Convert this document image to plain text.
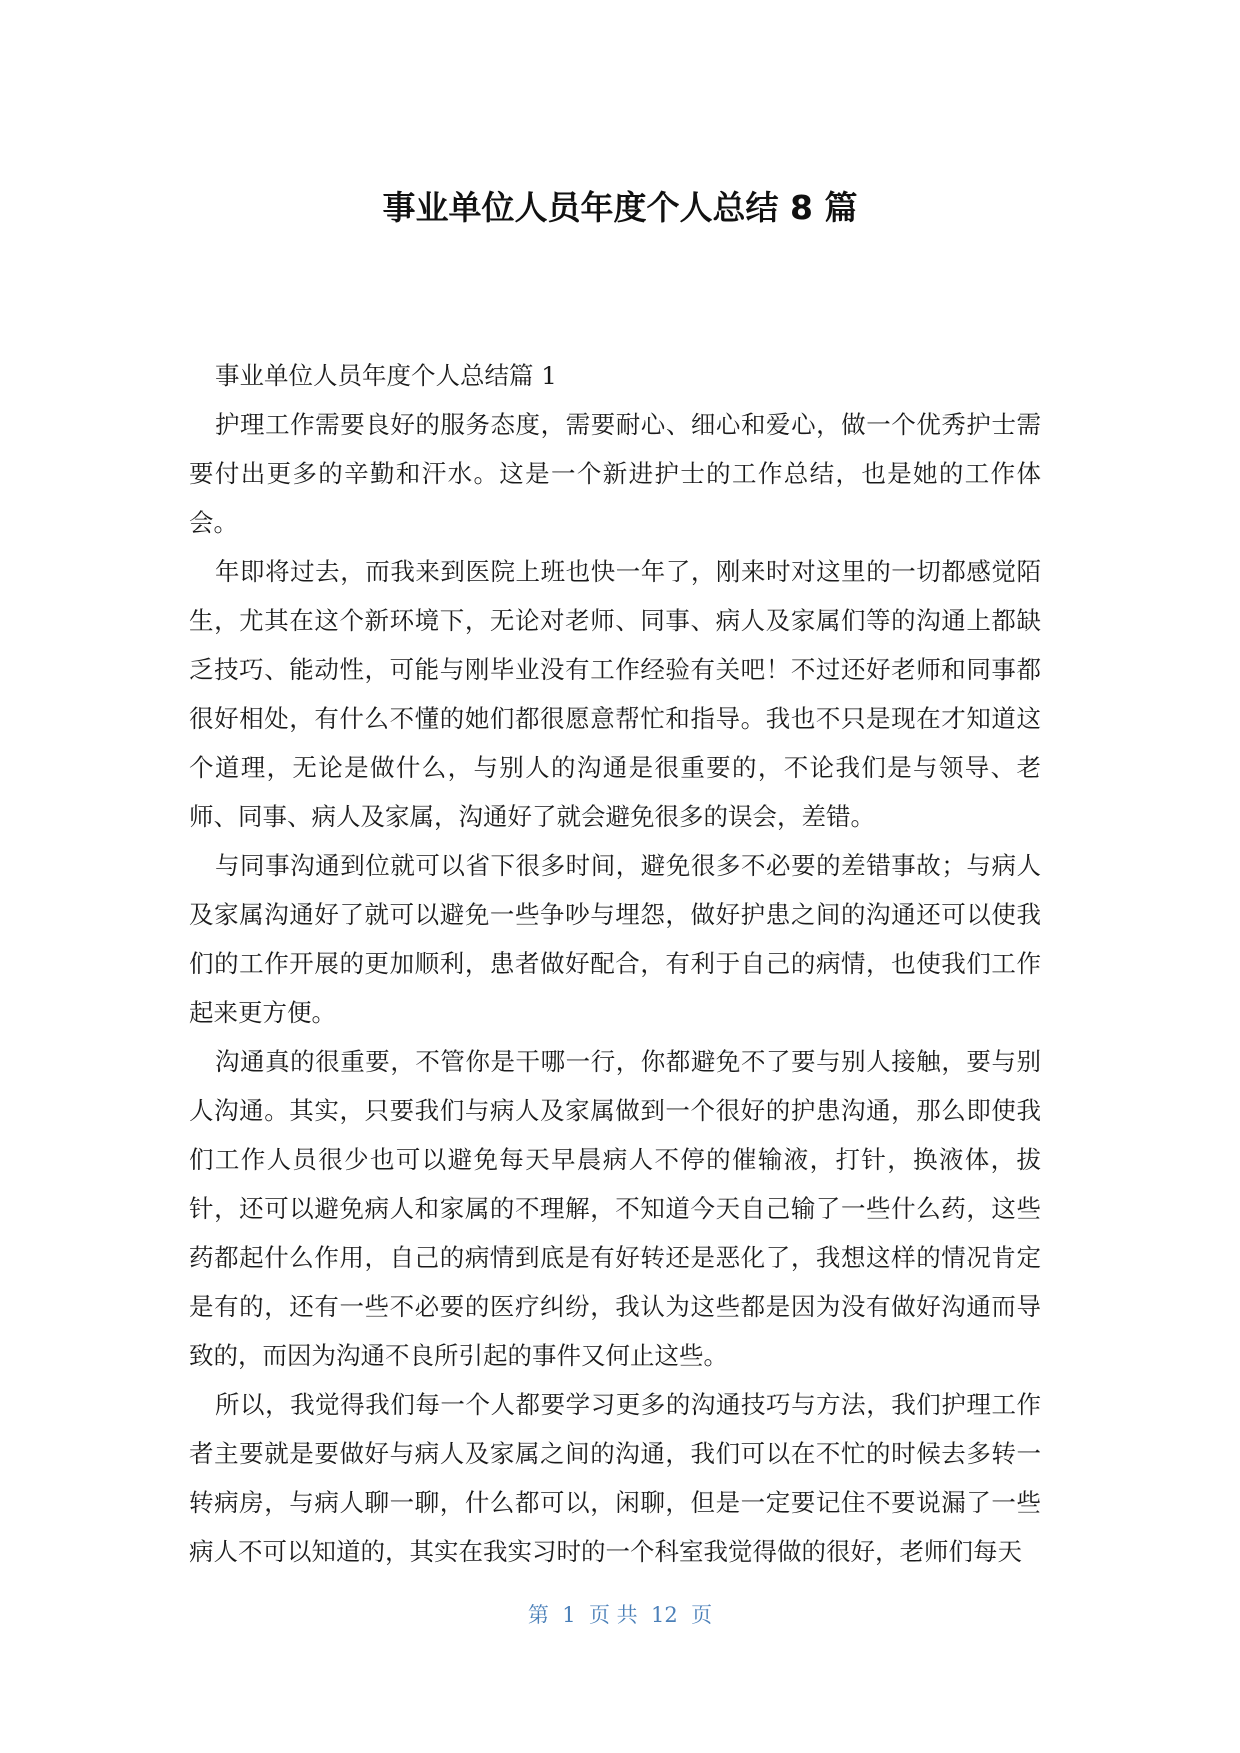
事业单位人员年度个人总结 8 篇

事业单位人员年度个人总结篇 1

护理工作需要良好的服务态度，需要耐心、细心和爱心，做一个优秀护士需要付出更多的辛勤和汗水。这是一个新进护士的工作总结，也是她的工作体会。

年即将过去，而我来到医院上班也快一年了，刚来时对这里的一切都感觉陌生，尤其在这个新环境下，无论对老师、同事、病人及家属们等的沟通上都缺乏技巧、能动性，可能与刚毕业没有工作经验有关吧！不过还好老师和同事都很好相处，有什么不懂的她们都很愿意帮忙和指导。我也不只是现在才知道这个道理，无论是做什么，与别人的沟通是很重要的，不论我们是与领导、老师、同事、病人及家属，沟通好了就会避免很多的误会，差错。

与同事沟通到位就可以省下很多时间，避免很多不必要的差错事故；与病人及家属沟通好了就可以避免一些争吵与埋怨，做好护患之间的沟通还可以使我们的工作开展的更加顺利，患者做好配合，有利于自己的病情，也使我们工作起来更方便。

沟通真的很重要，不管你是干哪一行，你都避免不了要与别人接触，要与别人沟通。其实，只要我们与病人及家属做到一个很好的护患沟通，那么即使我们工作人员很少也可以避免每天早晨病人不停的催输液，打针，换液体，拔针，还可以避免病人和家属的不理解，不知道今天自己输了一些什么药，这些药都起什么作用，自己的病情到底是有好转还是恶化了，我想这样的情况肯定是有的，还有一些不必要的医疗纠纷，我认为这些都是因为没有做好沟通而导致的，而因为沟通不良所引起的事件又何止这些。

所以，我觉得我们每一个人都要学习更多的沟通技巧与方法，我们护理工作者主要就是要做好与病人及家属之间的沟通，我们可以在不忙的时候去多转一转病房，与病人聊一聊，什么都可以，闲聊，但是一定要记住不要说漏了一些病人不可以知道的，其实在我实习时的一个科室我觉得做的很好，老师们每天

第  1  页 共  12  页
